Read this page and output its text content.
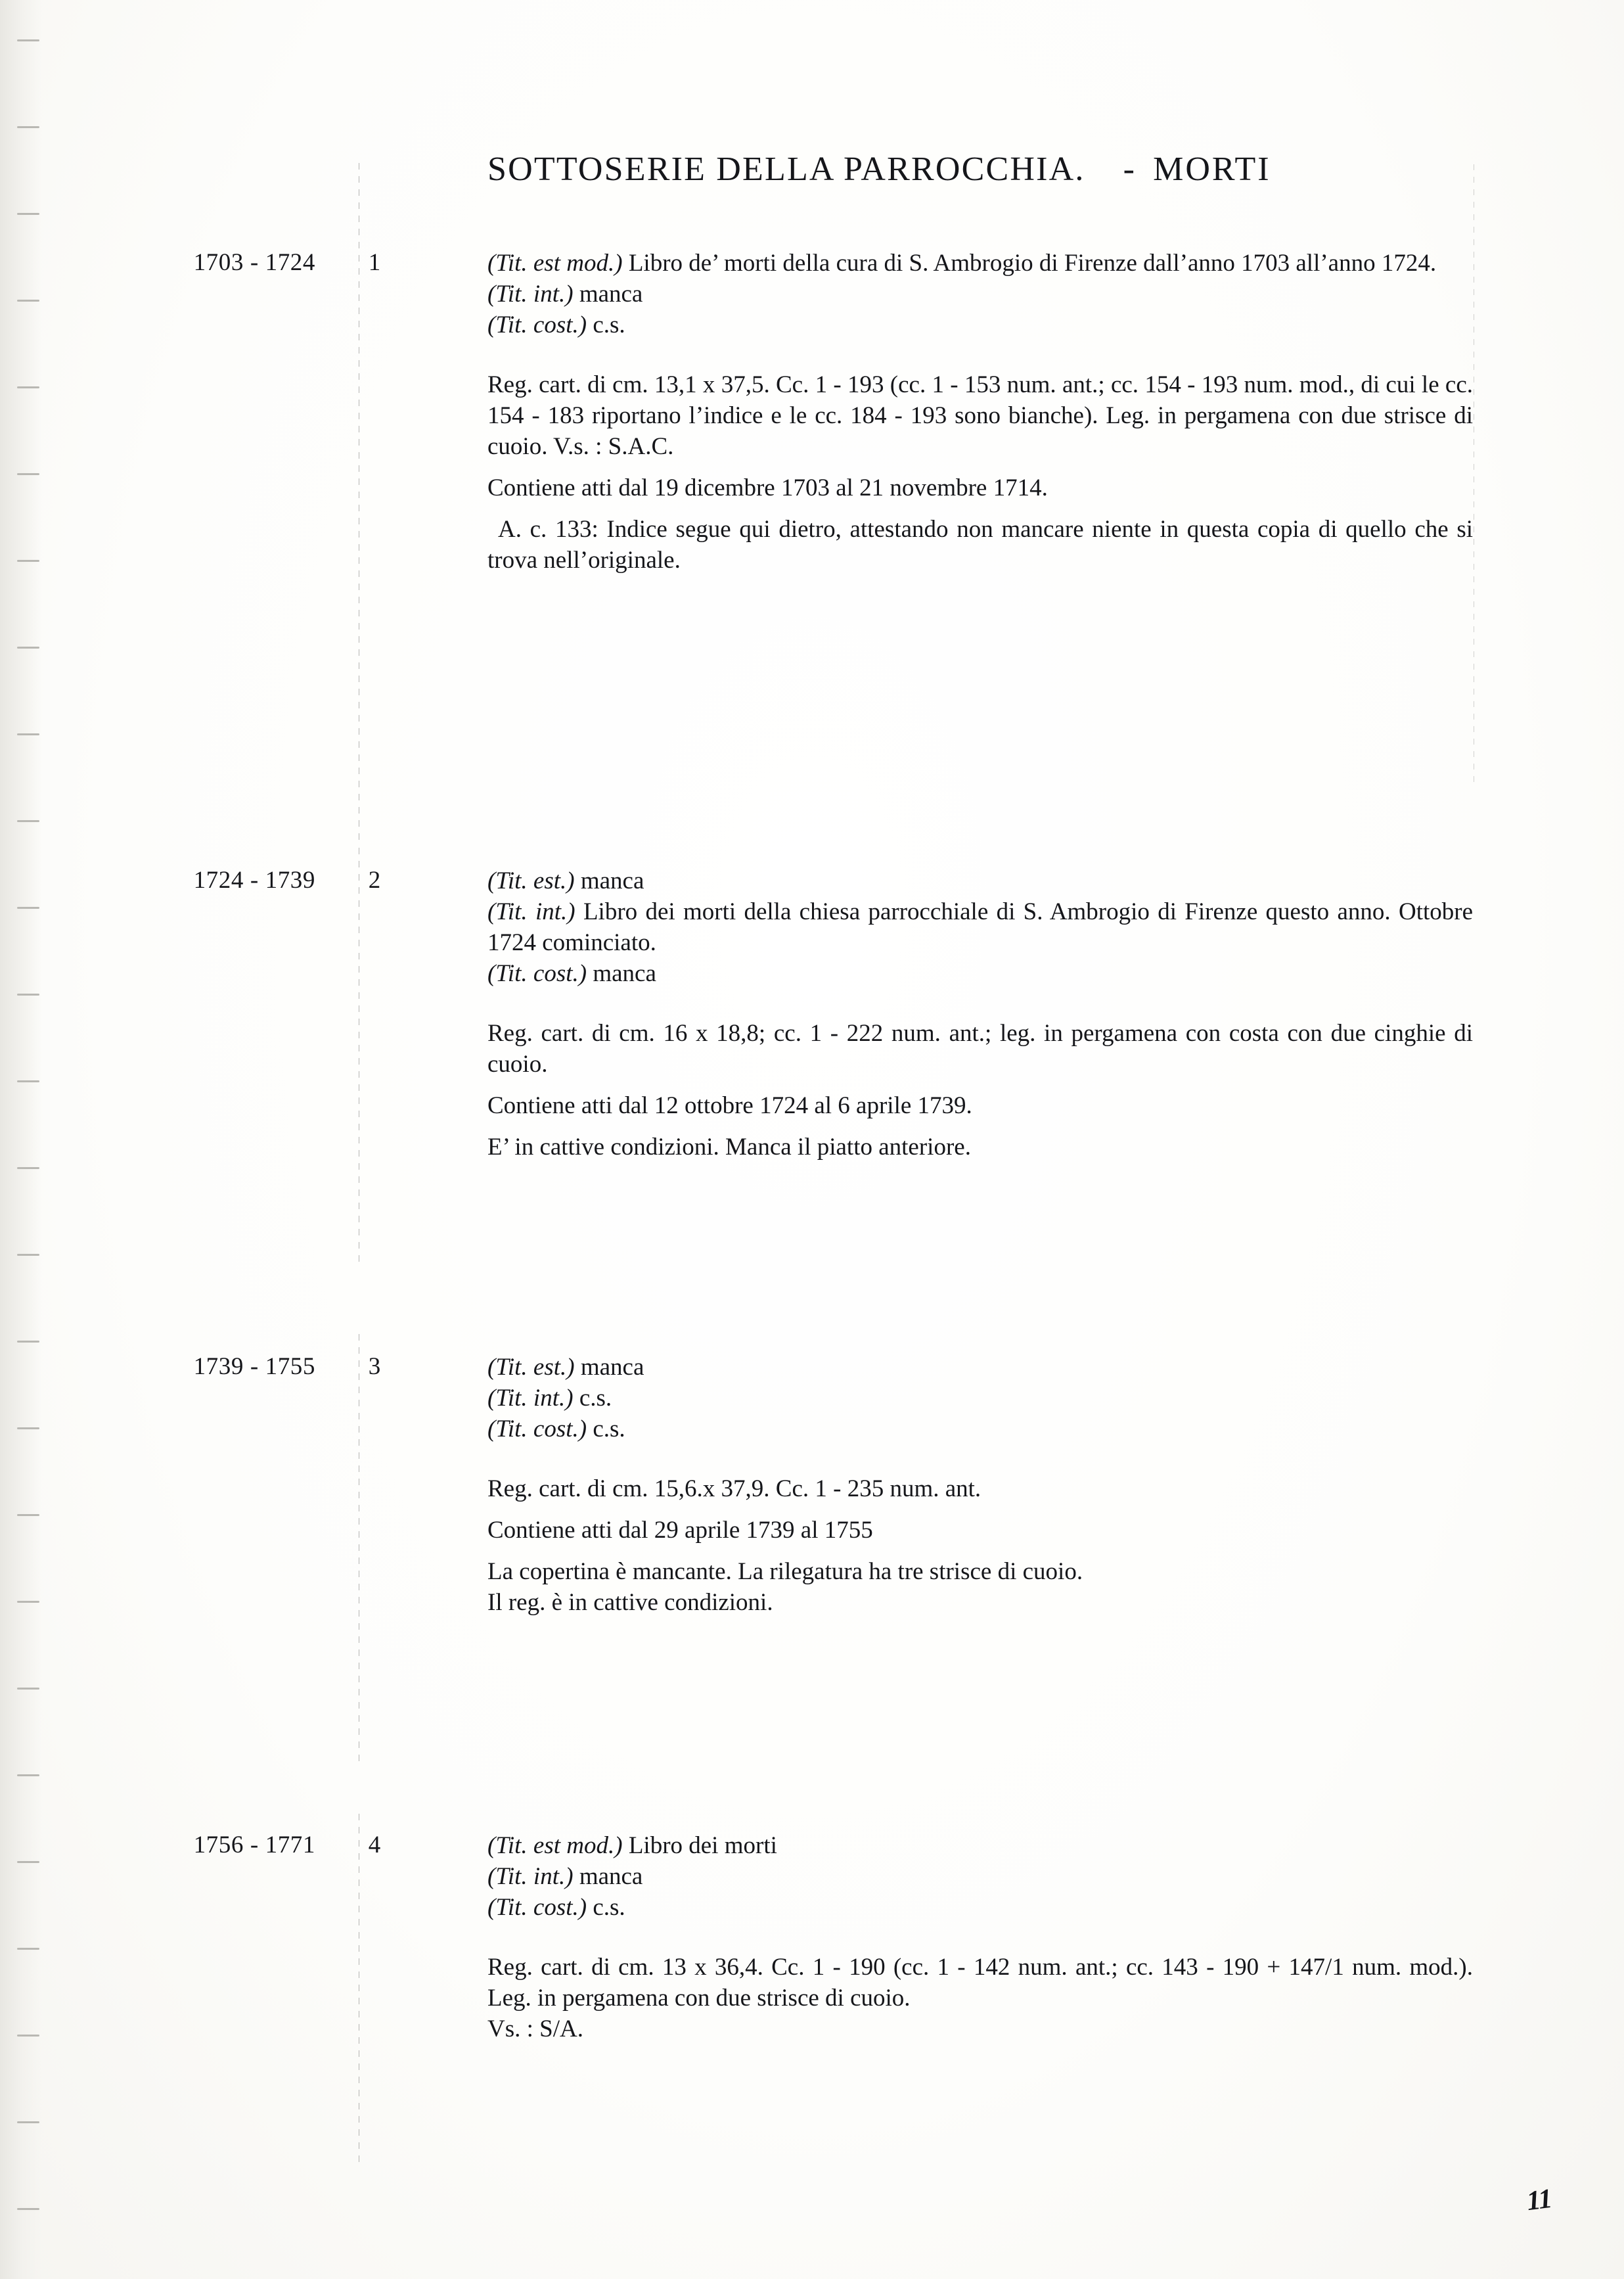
SOTTOSERIE DELLA PARROCCHIA. - MORTI
1703 - 1724	1	(Tit. est mod.) Libro de’ morti della cura di S. Ambrogio di Firenze dall’anno 1703 all’anno 1724.

(Tit. int.) manca

(Tit. cost.) c.s.

Reg. cart. di cm. 13,1 x 37,5. Cc. 1 - 193 (cc. 1 - 153 num. ant.; cc. 154 - 193 num. mod., di cui le cc. 154 - 183 riportano l’indice e le cc. 184 - 193 sono bianche). Leg. in pergamena con due strisce di cuoio. V.s. : S.A.C.

Contiene atti dal 19 dicembre 1703 al 21 novembre 1714.

A. c. 133: Indice segue qui dietro, attestando non mancare niente in questa copia di quello che si trova nell’originale.

1724 - 1739	2	(Tit. est.) manca

(Tit. int.) Libro dei morti della chiesa parrocchiale di S. Ambrogio di Firenze questo anno. Ottobre 1724 cominciato.

(Tit. cost.) manca

Reg. cart. di cm. 16 x 18,8; cc. 1 - 222 num. ant.; leg. in pergamena con costa con due cinghie di cuoio.

Contiene atti dal 12 ottobre 1724 al 6 aprile 1739.

E’ in cattive condizioni. Manca il piatto anteriore.

1739 - 1755	3	(Tit. est.) manca

(Tit. int.) c.s.

(Tit. cost.) c.s.

Reg. cart. di cm. 15,6.x 37,9. Cc. 1 - 235 num. ant.

Contiene atti dal 29 aprile 1739 al 1755

La copertina è mancante. La rilegatura ha tre strisce di cuoio.

Il reg. è in cattive condizioni.

1756 - 1771	4	(Tit. est mod.) Libro dei morti

(Tit. int.) manca

(Tit. cost.) c.s.

Reg. cart. di cm. 13 x 36,4. Cc. 1 - 190 (cc. 1 - 142 num. ant.; cc. 143 - 190 + 147/1 num. mod.). Leg. in pergamena con due strisce di cuoio.

Vs. : S/A.

11
